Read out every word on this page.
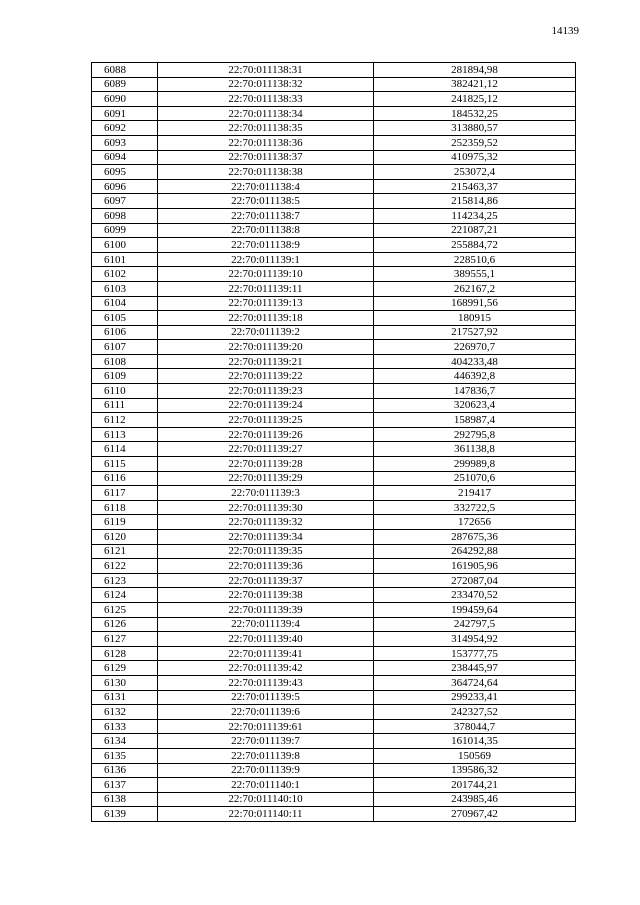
14139
6088	22:70:011138:31	281894,98
6089	22:70:011138:32	382421,12
6090	22:70:011138:33	241825,12
6091	22:70:011138:34	184532,25
6092	22:70:011138:35	313880,57
6093	22:70:011138:36	252359,52
6094	22:70:011138:37	410975,32
6095	22:70:011138:38	253072,4
6096	22:70:011138:4	215463,37
6097	22:70:011138:5	215814,86
6098	22:70:011138:7	114234,25
6099	22:70:011138:8	221087,21
6100	22:70:011138:9	255884,72
6101	22:70:011139:1	228510,6
6102	22:70:011139:10	389555,1
6103	22:70:011139:11	262167,2
6104	22:70:011139:13	168991,56
6105	22:70:011139:18	180915
6106	22:70:011139:2	217527,92
6107	22:70:011139:20	226970,7
6108	22:70:011139:21	404233,48
6109	22:70:011139:22	446392,8
6110	22:70:011139:23	147836,7
6111	22:70:011139:24	320623,4
6112	22:70:011139:25	158987,4
6113	22:70:011139:26	292795,8
6114	22:70:011139:27	361138,8
6115	22:70:011139:28	299989,8
6116	22:70:011139:29	251070,6
6117	22:70:011139:3	219417
6118	22:70:011139:30	332722,5
6119	22:70:011139:32	172656
6120	22:70:011139:34	287675,36
6121	22:70:011139:35	264292,88
6122	22:70:011139:36	161905,96
6123	22:70:011139:37	272087,04
6124	22:70:011139:38	233470,52
6125	22:70:011139:39	199459,64
6126	22:70:011139:4	242797,5
6127	22:70:011139:40	314954,92
6128	22:70:011139:41	153777,75
6129	22:70:011139:42	238445,97
6130	22:70:011139:43	364724,64
6131	22:70:011139:5	299233,41
6132	22:70:011139:6	242327,52
6133	22:70:011139:61	378044,7
6134	22:70:011139:7	161014,35
6135	22:70:011139:8	150569
6136	22:70:011139:9	139586,32
6137	22:70:011140:1	201744,21
6138	22:70:011140:10	243985,46
6139	22:70:011140:11	270967,42
